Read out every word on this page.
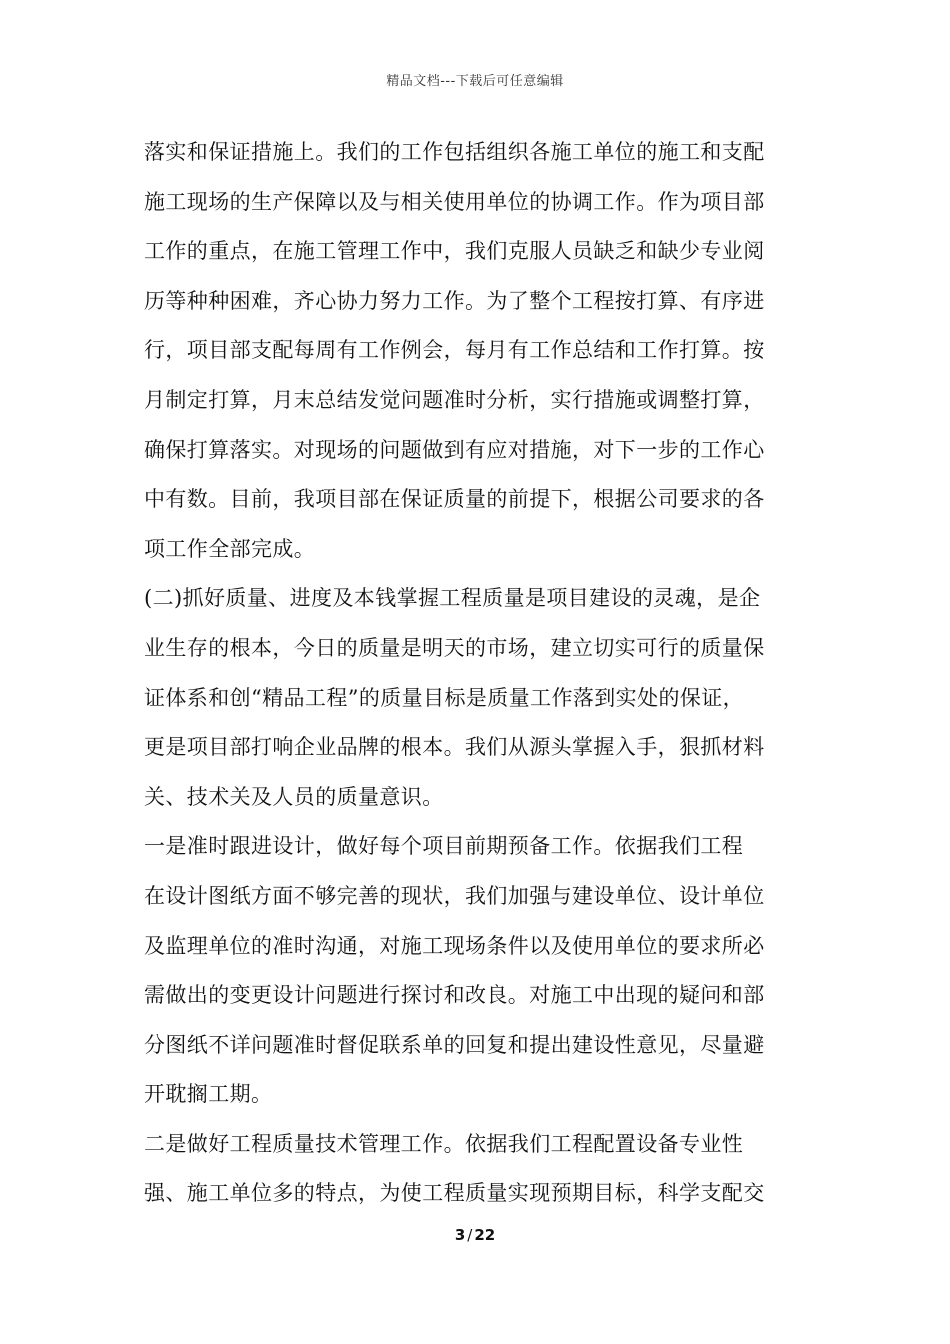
精品文档---下载后可任意编辑
落实和保证措施上。我们的工作包括组织各施工单位的施工和支配
施工现场的生产保障以及与相关使用单位的协调工作。作为项目部
工作的重点，在施工管理工作中，我们克服人员缺乏和缺少专业阅
历等种种困难，齐心协力努力工作。为了整个工程按打算、有序进
行，项目部支配每周有工作例会，每月有工作总结和工作打算。按
月制定打算，月末总结发觉问题准时分析，实行措施或调整打算，
确保打算落实。对现场的问题做到有应对措施，对下一步的工作心
中有数。目前，我项目部在保证质量的前提下，根据公司要求的各
项工作全部完成。
(二)抓好质量、进度及本钱掌握工程质量是项目建设的灵魂，是企
业生存的根本，今日的质量是明天的市场，建立切实可行的质量保
证体系和创“精品工程”的质量目标是质量工作落到实处的保证，
更是项目部打响企业品牌的根本。我们从源头掌握入手，狠抓材料
关、技术关及人员的质量意识。
一是准时跟进设计，做好每个项目前期预备工作。依据我们工程
在设计图纸方面不够完善的现状，我们加强与建设单位、设计单位
及监理单位的准时沟通，对施工现场条件以及使用单位的要求所必
需做出的变更设计问题进行探讨和改良。对施工中出现的疑问和部
分图纸不详问题准时督促联系单的回复和提出建设性意见，尽量避
开耽搁工期。
二是做好工程质量技术管理工作。依据我们工程配置设备专业性
强、施工单位多的特点，为使工程质量实现预期目标，科学支配交
3 / 22
